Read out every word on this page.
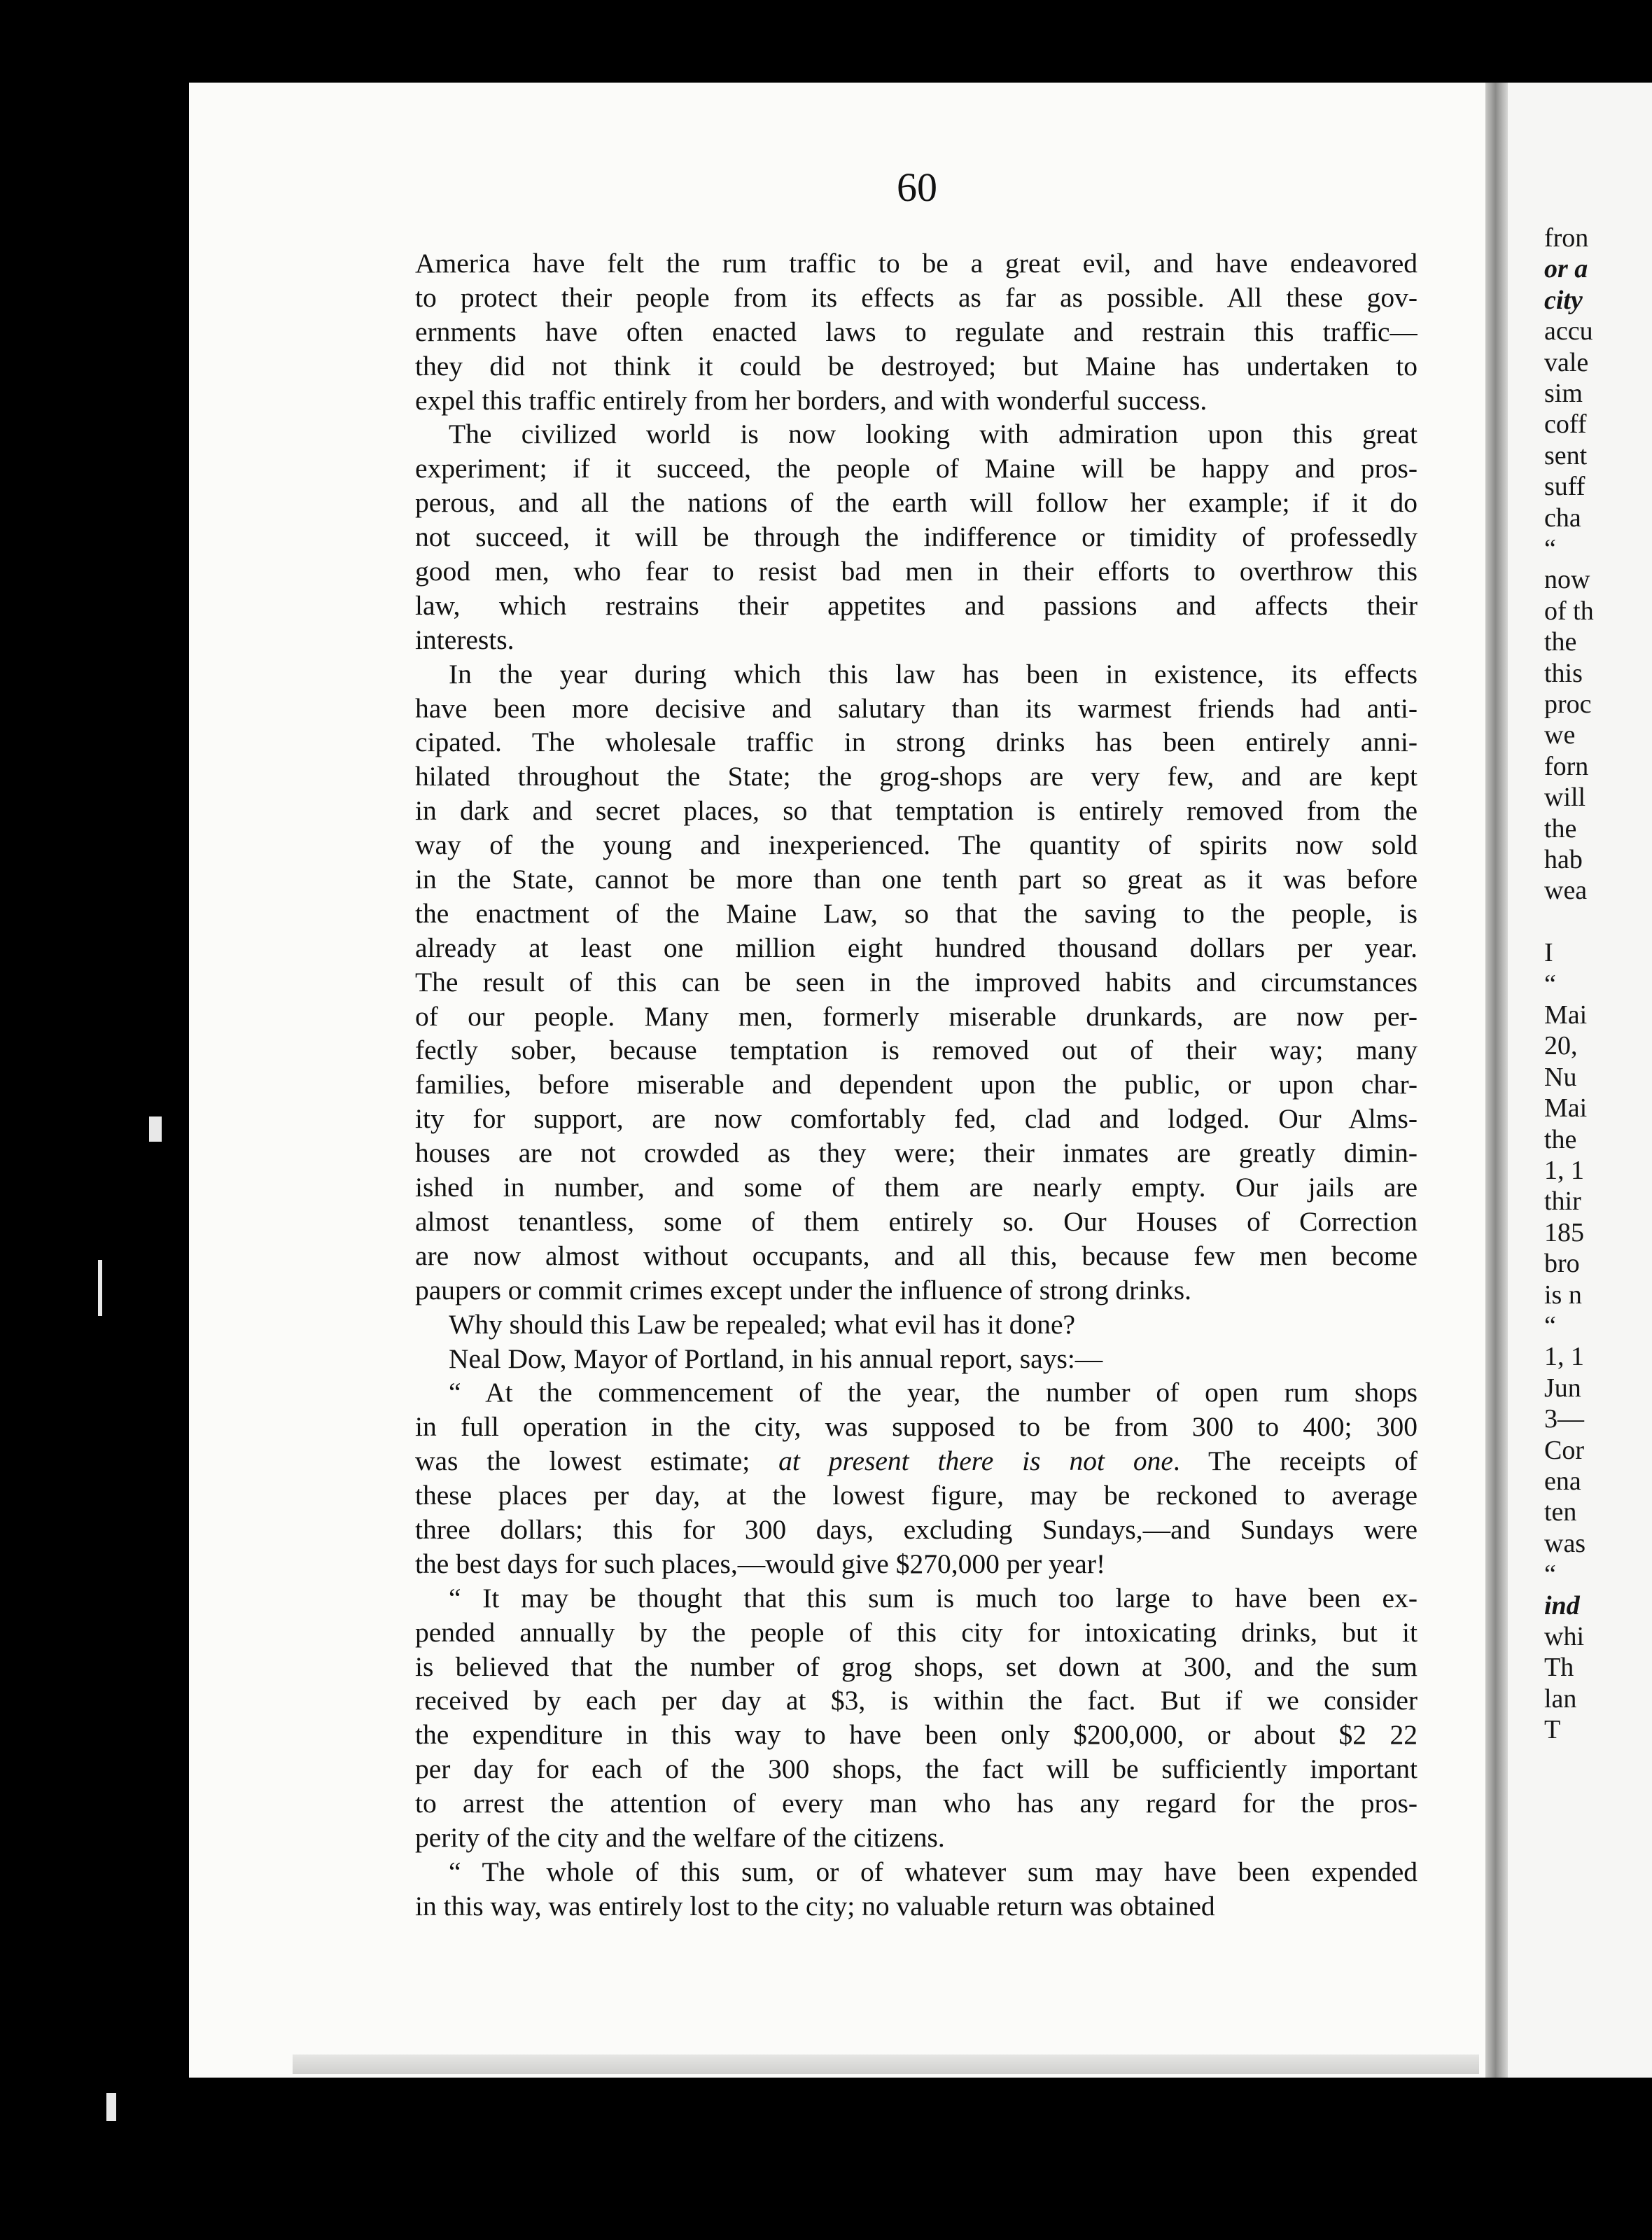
fron
or a
city
accu
vale
sim
coff
sent
suff
cha
“
now
of th
the
this
proc
we
forn
will
the
hab
wea
I
“
Mai
20,
Nu
Mai
the
1, 1
thir
185
bro
is n
“
1, 1
Jun
3—
Cor
ena
ten
was
“
ind
whi
Th
lan
T
60
America have felt the rum traffic to be a great evil, and have endeavored
to protect their people from its effects as far as possible. All these gov-
ernments have often enacted laws to regulate and restrain this traffic—
they did not think it could be destroyed; but Maine has undertaken to
expel this traffic entirely from her borders, and with wonderful success.
The civilized world is now looking with admiration upon this great
experiment; if it succeed, the people of Maine will be happy and pros-
perous, and all the nations of the earth will follow her example; if it do
not succeed, it will be through the indifference or timidity of professedly
good men, who fear to resist bad men in their efforts to overthrow this
law, which restrains their appetites and passions and affects their
interests.
In the year during which this law has been in existence, its effects
have been more decisive and salutary than its warmest friends had anti-
cipated. The wholesale traffic in strong drinks has been entirely anni-
hilated throughout the State; the grog-shops are very few, and are kept
in dark and secret places, so that temptation is entirely removed from the
way of the young and inexperienced. The quantity of spirits now sold
in the State, cannot be more than one tenth part so great as it was before
the enactment of the Maine Law, so that the saving to the people, is
already at least one million eight hundred thousand dollars per year.
The result of this can be seen in the improved habits and circumstances
of our people. Many men, formerly miserable drunkards, are now per-
fectly sober, because temptation is removed out of their way; many
families, before miserable and dependent upon the public, or upon char-
ity for support, are now comfortably fed, clad and lodged. Our Alms-
houses are not crowded as they were; their inmates are greatly dimin-
ished in number, and some of them are nearly empty. Our jails are
almost tenantless, some of them entirely so. Our Houses of Correction
are now almost without occupants, and all this, because few men become
paupers or commit crimes except under the influence of strong drinks.
Why should this Law be repealed; what evil has it done?
Neal Dow, Mayor of Portland, in his annual report, says:—
“ At the commencement of the year, the number of open rum shops
in full operation in the city, was supposed to be from 300 to 400; 300
was the lowest estimate; at present there is not one. The receipts of
these places per day, at the lowest figure, may be reckoned to average
three dollars; this for 300 days, excluding Sundays,—and Sundays were
the best days for such places,—would give $270,000 per year!
“ It may be thought that this sum is much too large to have been ex-
pended annually by the people of this city for intoxicating drinks, but it
is believed that the number of grog shops, set down at 300, and the sum
received by each per day at $3, is within the fact. But if we consider
the expenditure in this way to have been only $200,000, or about $2 22
per day for each of the 300 shops, the fact will be sufficiently important
to arrest the attention of every man who has any regard for the pros-
perity of the city and the welfare of the citizens.
“ The whole of this sum, or of whatever sum may have been expended
in this way, was entirely lost to the city; no valuable return was obtained
